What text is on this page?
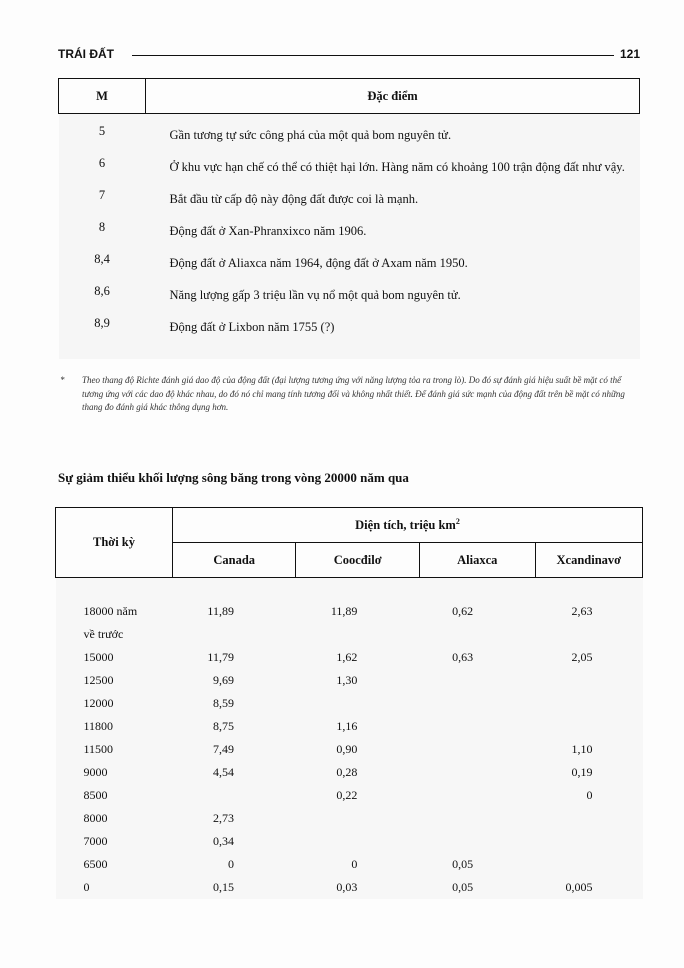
TRÁI ĐẤT	121
M	Đặc điểm
5	Gần tương tự sức công phá của một quả bom nguyên tử.
6	Ở khu vực hạn chế có thể có thiệt hại lớn. Hàng năm có khoảng 100 trận động đất như vậy.
7	Bắt đầu từ cấp độ này động đất được coi là mạnh.
8	Động đất ở Xan-Phranxixco năm 1906.
8,4	Động đất ở Aliaxca năm 1964, động đất ở Axam năm 1950.
8,6	Năng lượng gấp 3 triệu lần vụ nổ một quả bom nguyên tử.
8,9	Động đất ở Lixbon năm 1755 (?)

* Theo thang độ Richte đánh giá dao độ của động đất (đại lượng tương ứng với năng lượng tỏa ra trong lò). Do đó sự đánh giá hiệu suất bề mặt có thể tương ứng với các dao độ khác nhau, do đó nó chỉ mang tính tương đối và không nhất thiết. Để đánh giá sức mạnh của động đất trên bề mặt có những thang đo đánh giá khác thông dụng hơn.
Sự giảm thiểu khối lượng sông băng trong vòng 20000 năm qua
Thời kỳ	Diện tích, triệu $km^2$
	Canada	Coocđilơ	Aliaxca	Xcandinavơ

18000 năm	11,89	11,89	0,62	2,63
về trước				
15000	11,79	1,62	0,63	2,05
12500	9,69	1,30		
12000	8,59			
11800	8,75	1,16		
11500	7,49	0,90		1,10
9000	4,54	0,28		0,19
8500		0,22		0
8000	2,73			
7000	0,34			
6500	0	0	0,05	
0	0,15	0,03	0,05	0,005
